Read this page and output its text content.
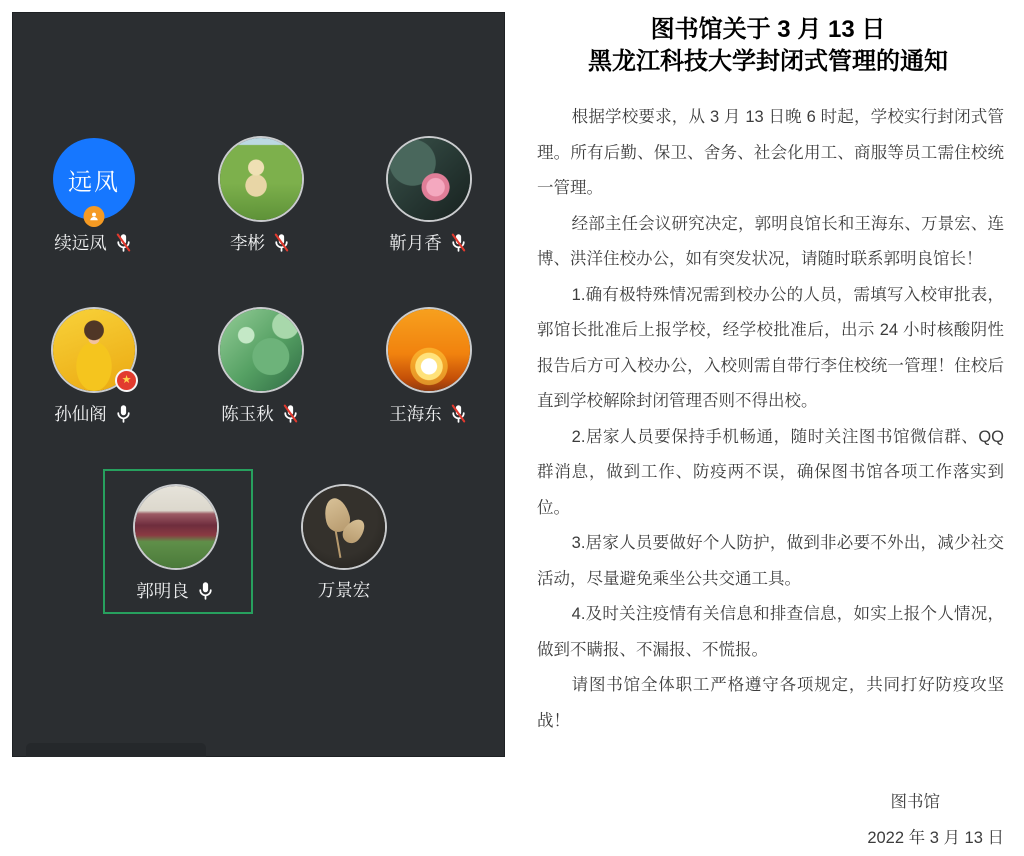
远凤
续远凤	李彬	靳月香
★
孙仙阁	陈玉秋	王海东
郭明良	万景宏
图书馆关于 3 月 13 日
黑龙江科技大学封闭式管理的通知

根据学校要求，从 3 月 13 日晚 6 时起，学校实行封闭式管理。所有后勤、保卫、舍务、社会化用工、商服等员工需住校统一管理。

经部主任会议研究决定，郭明良馆长和王海东、万景宏、连博、洪洋住校办公，如有突发状况，请随时联系郭明良馆长！

1.确有极特殊情况需到校办公的人员，需填写入校审批表，郭馆长批准后上报学校，经学校批准后，出示 24 小时核酸阴性报告后方可入校办公，入校则需自带行李住校统一管理！住校后直到学校解除封闭管理否则不得出校。

2.居家人员要保持手机畅通，随时关注图书馆微信群、QQ 群消息，做到工作、防疫两不误，确保图书馆各项工作落实到位。

3.居家人员要做好个人防护，做到非必要不外出，减少社交活动，尽量避免乘坐公共交通工具。

4.及时关注疫情有关信息和排查信息，如实上报个人情况，做到不瞒报、不漏报、不慌报。

请图书馆全体职工严格遵守各项规定，共同打好防疫攻坚战！

图书馆
2022 年 3 月 13 日
